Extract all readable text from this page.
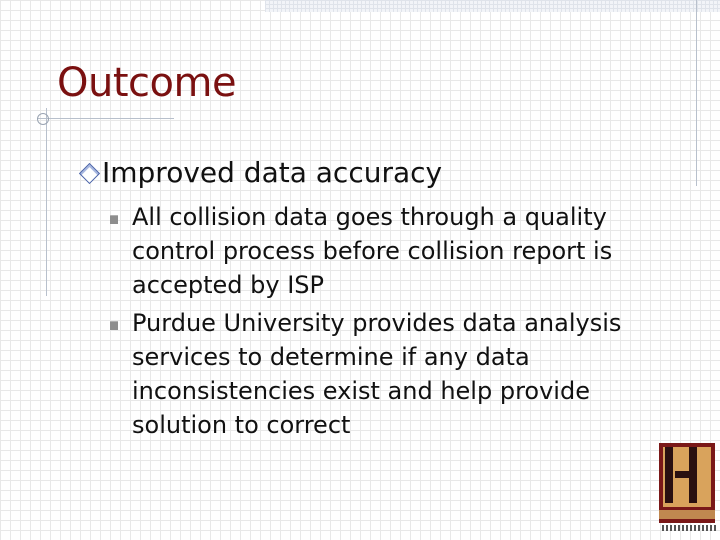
Outcome
Improved data accuracy
All collision data goes through a quality control process before collision report is accepted by ISP
Purdue University provides data analysis services to determine if any data inconsistencies exist and help provide solution to correct
